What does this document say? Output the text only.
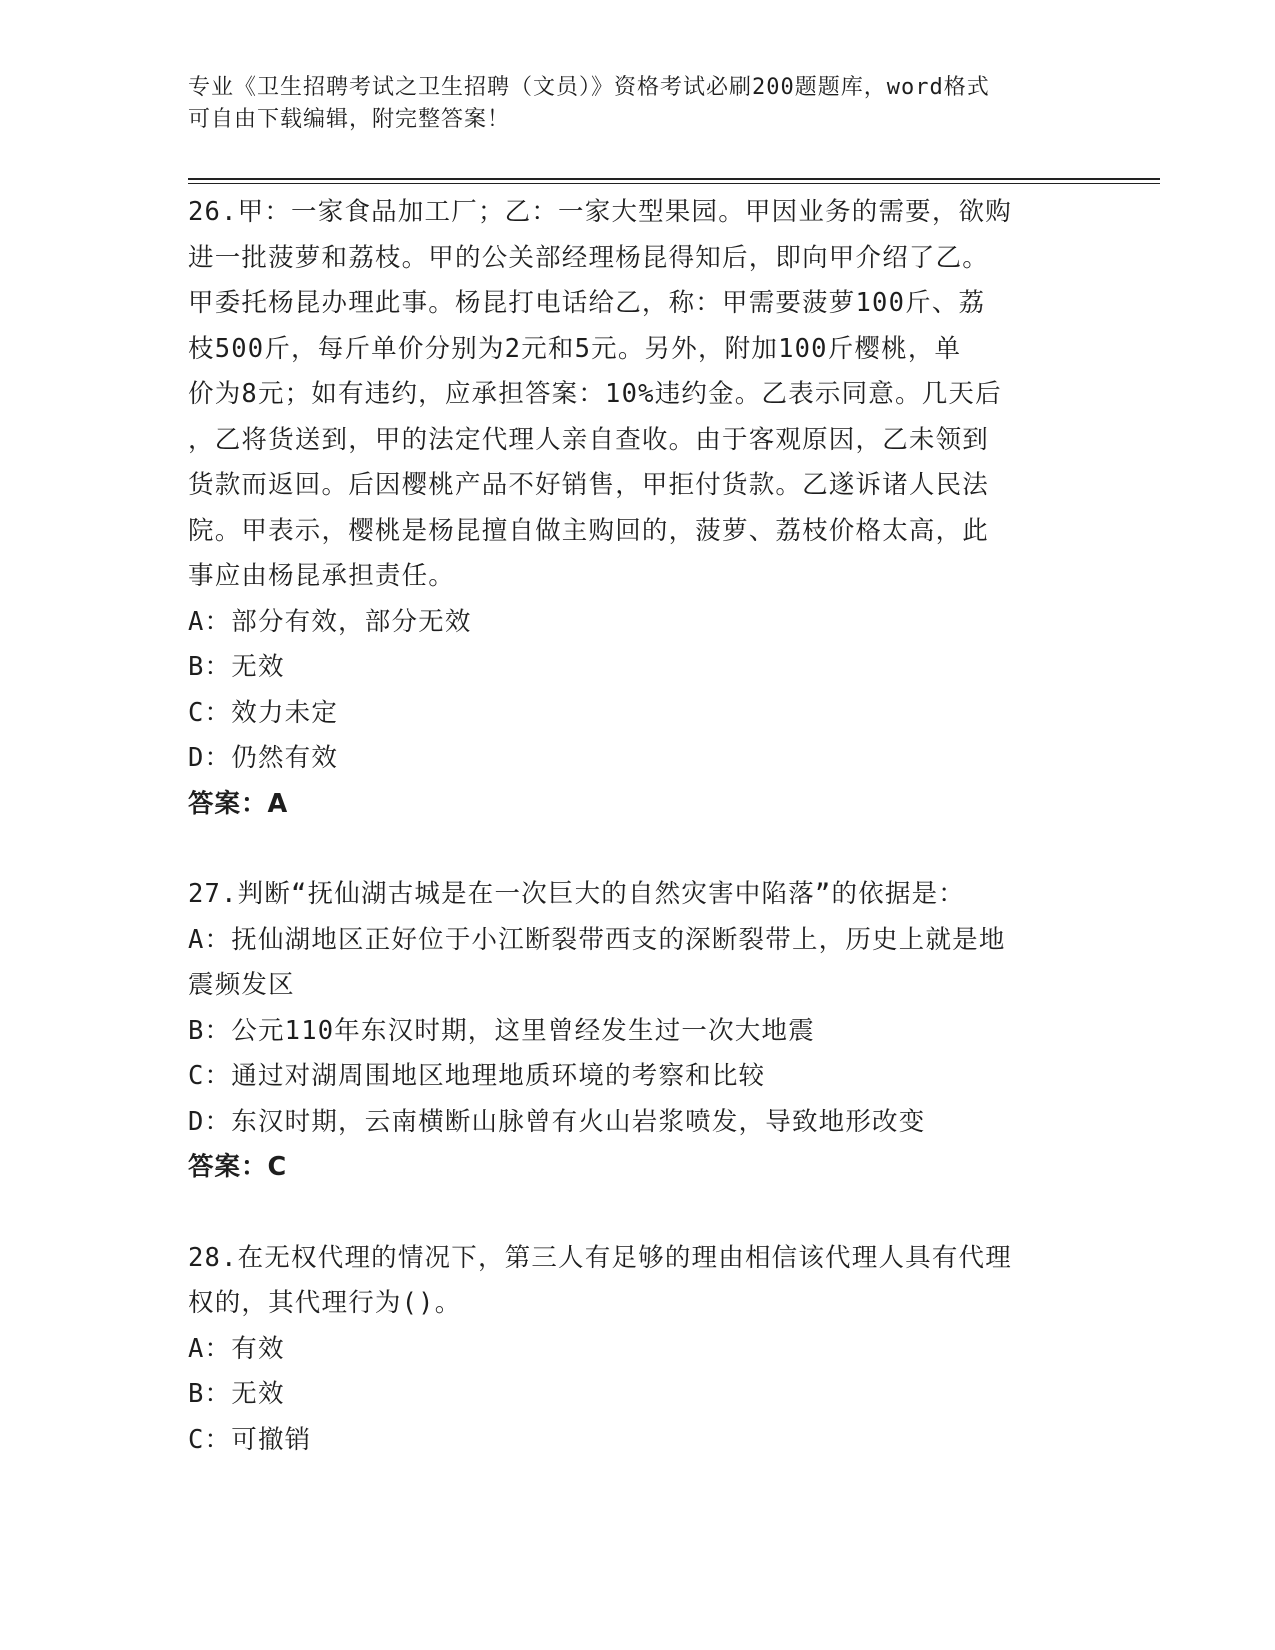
专业《卫生招聘考试之卫生招聘（文员）》资格考试必刷200题题库，word格式

可自由下载编辑，附完整答案！

26.甲：一家食品加工厂；乙：一家大型果园。甲因业务的需要，欲购

进一批菠萝和荔枝。甲的公关部经理杨昆得知后，即向甲介绍了乙。

甲委托杨昆办理此事。杨昆打电话给乙，称：甲需要菠萝100斤、荔

枝500斤，每斤单价分别为2元和5元。另外，附加100斤樱桃，单

价为8元；如有违约，应承担答案：10%违约金。乙表示同意。几天后

，乙将货送到，甲的法定代理人亲自查收。由于客观原因，乙未领到

货款而返回。后因樱桃产品不好销售，甲拒付货款。乙遂诉诸人民法

院。甲表示，樱桃是杨昆擅自做主购回的，菠萝、荔枝价格太高，此

事应由杨昆承担责任。

A：部分有效，部分无效

B：无效

C：效力未定

D：仍然有效

答案：A

27.判断“抚仙湖古城是在一次巨大的自然灾害中陷落”的依据是：

A：抚仙湖地区正好位于小江断裂带西支的深断裂带上，历史上就是地

震频发区

B：公元110年东汉时期，这里曾经发生过一次大地震

C：通过对湖周围地区地理地质环境的考察和比较

D：东汉时期，云南横断山脉曾有火山岩浆喷发，导致地形改变

答案：C

28.在无权代理的情况下，第三人有足够的理由相信该代理人具有代理

权的，其代理行为()。

A：有效

B：无效

C：可撤销
